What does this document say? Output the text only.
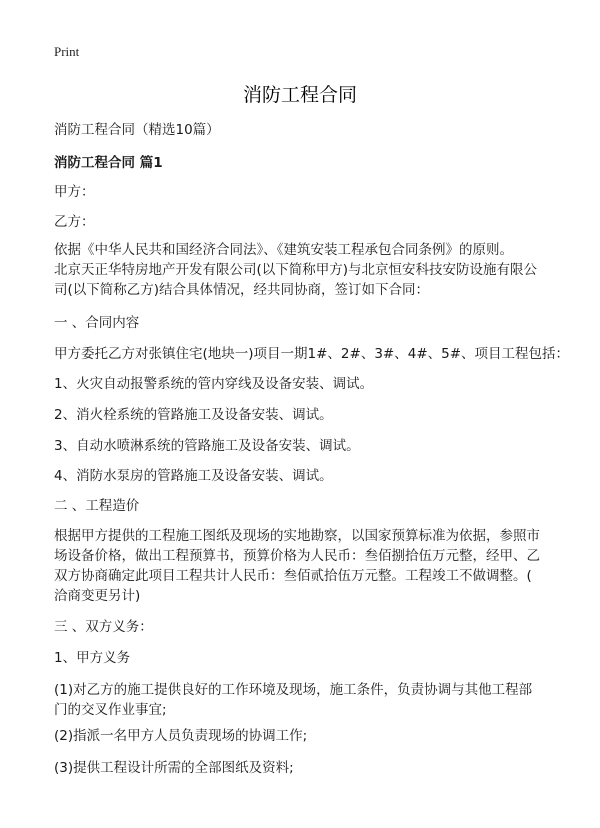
Print
消防工程合同

消防工程合同（精选10篇）

消防工程合同 篇1

甲方：

乙方：

依据《中华人民共和国经济合同法》、《建筑安装工程承包合同条例》的原则。
北京天正华特房地产开发有限公司(以下简称甲方)与北京恒安科技安防设施有限公
司(以下简称乙方)结合具体情况，经共同协商，签订如下合同：

一 、合同内容

甲方委托乙方对张镇住宅(地块一)项目一期1#、2#、3#、4#、5#、项目工程包括：

1、火灾自动报警系统的管内穿线及设备安装、调试。

2、消火栓系统的管路施工及设备安装、调试。

3、自动水喷淋系统的管路施工及设备安装、调试。

4、消防水泵房的管路施工及设备安装、调试。

二 、工程造价

根据甲方提供的工程施工图纸及现场的实地勘察，以国家预算标准为依据，参照市
场设备价格，做出工程预算书，预算价格为人民币：叁佰捌拾伍万元整，经甲、乙
双方协商确定此项目工程共计人民币：叁佰贰拾伍万元整。工程竣工不做调整。(
洽商变更另计)

三 、双方义务：

1、甲方义务

(1)对乙方的施工提供良好的工作环境及现场，施工条件，负责协调与其他工程部
门的交叉作业事宜;

(2)指派一名甲方人员负责现场的协调工作;

(3)提供工程设计所需的全部图纸及资料;
